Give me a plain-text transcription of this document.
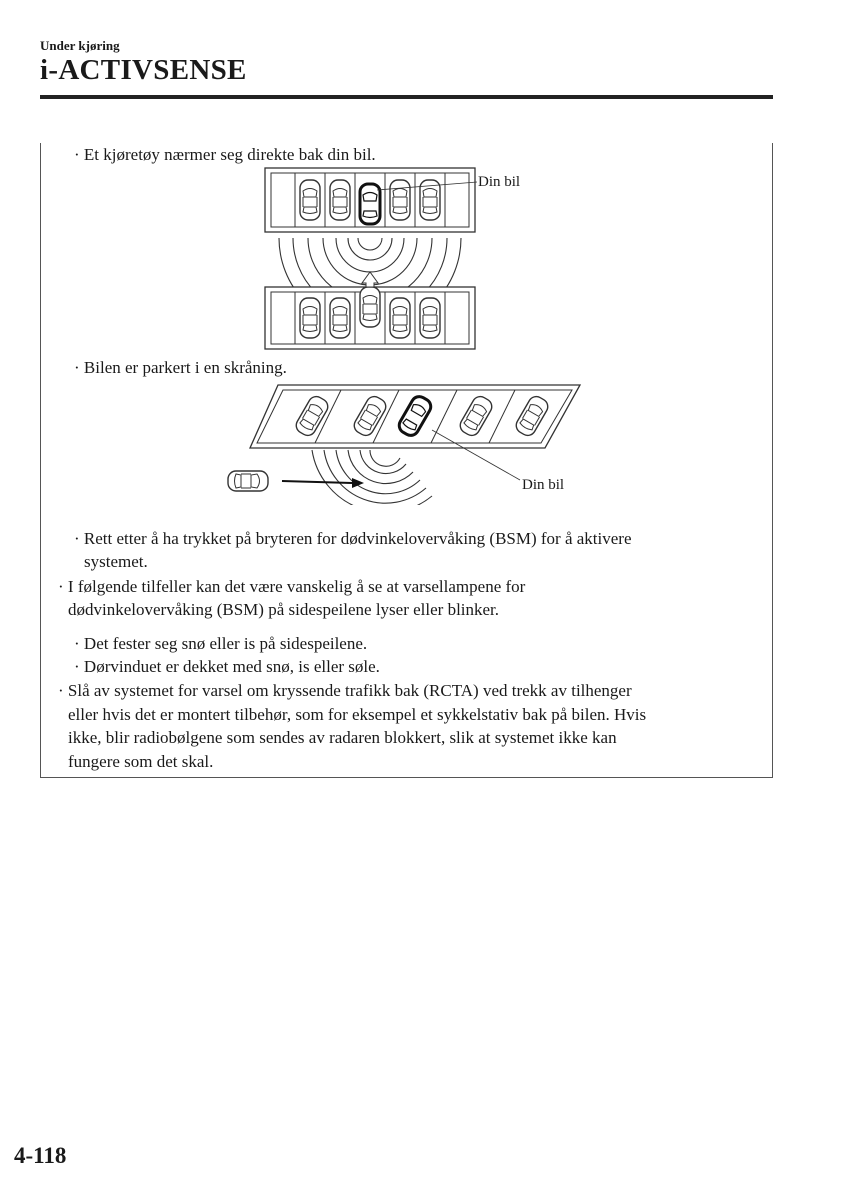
Under kjøring
i-ACTIVSENSE
· Et kjøretøy nærmer seg direkte bak din bil.
Din bil
· Bilen er parkert i en skråning.
Din bil
· Rett etter å ha trykket på bryteren for dødvinkelovervåking (BSM) for å aktivere
systemet.
· I følgende tilfeller kan det være vanskelig å se at varsellampene for
dødvinkelovervåking (BSM) på sidespeilene lyser eller blinker.
· Det fester seg snø eller is på sidespeilene.
· Dørvinduet er dekket med snø, is eller søle.
· Slå av systemet for varsel om kryssende trafikk bak (RCTA) ved trekk av tilhenger
eller hvis det er montert tilbehør, som for eksempel et sykkelstativ bak på bilen. Hvis
ikke, blir radiobølgene som sendes av radaren blokkert, slik at systemet ikke kan
fungere som det skal.
4-118
